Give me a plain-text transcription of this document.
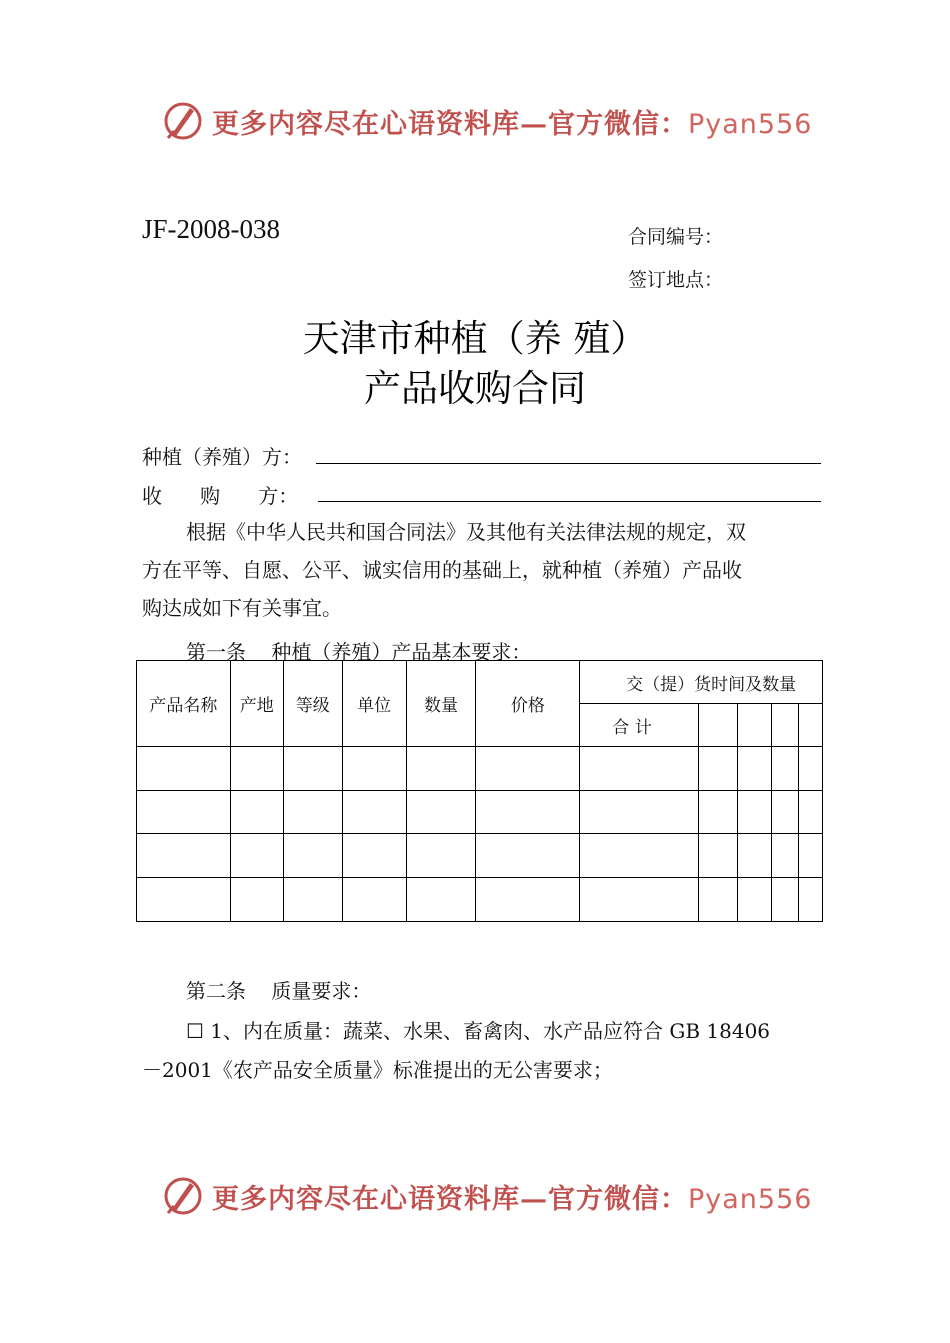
更多内容尽在心语资料库—官方微信：Pyan556
JF-2008-038	合同编号：
签订地点：
天津市种植（养 殖）
产品收购合同
种植（养殖）方：
收      购      方：
根据《中华人民共和国合同法》及其他有关法律法规的规定，双
方在平等、自愿、公平、诚实信用的基础上，就种植（养殖）产品收
购达成如下有关事宜。
第一条    种植（养殖）产品基本要求：
产品名称	产地	等级	单位	数量	价格	交（提）货时间及数量				
						合 计				

第二条    质量要求：
☐ 1、内在质量：蔬菜、水果、畜禽肉、水产品应符合 GB 18406
－2001《农产品安全质量》标准提出的无公害要求；
更多内容尽在心语资料库—官方微信：Pyan556
